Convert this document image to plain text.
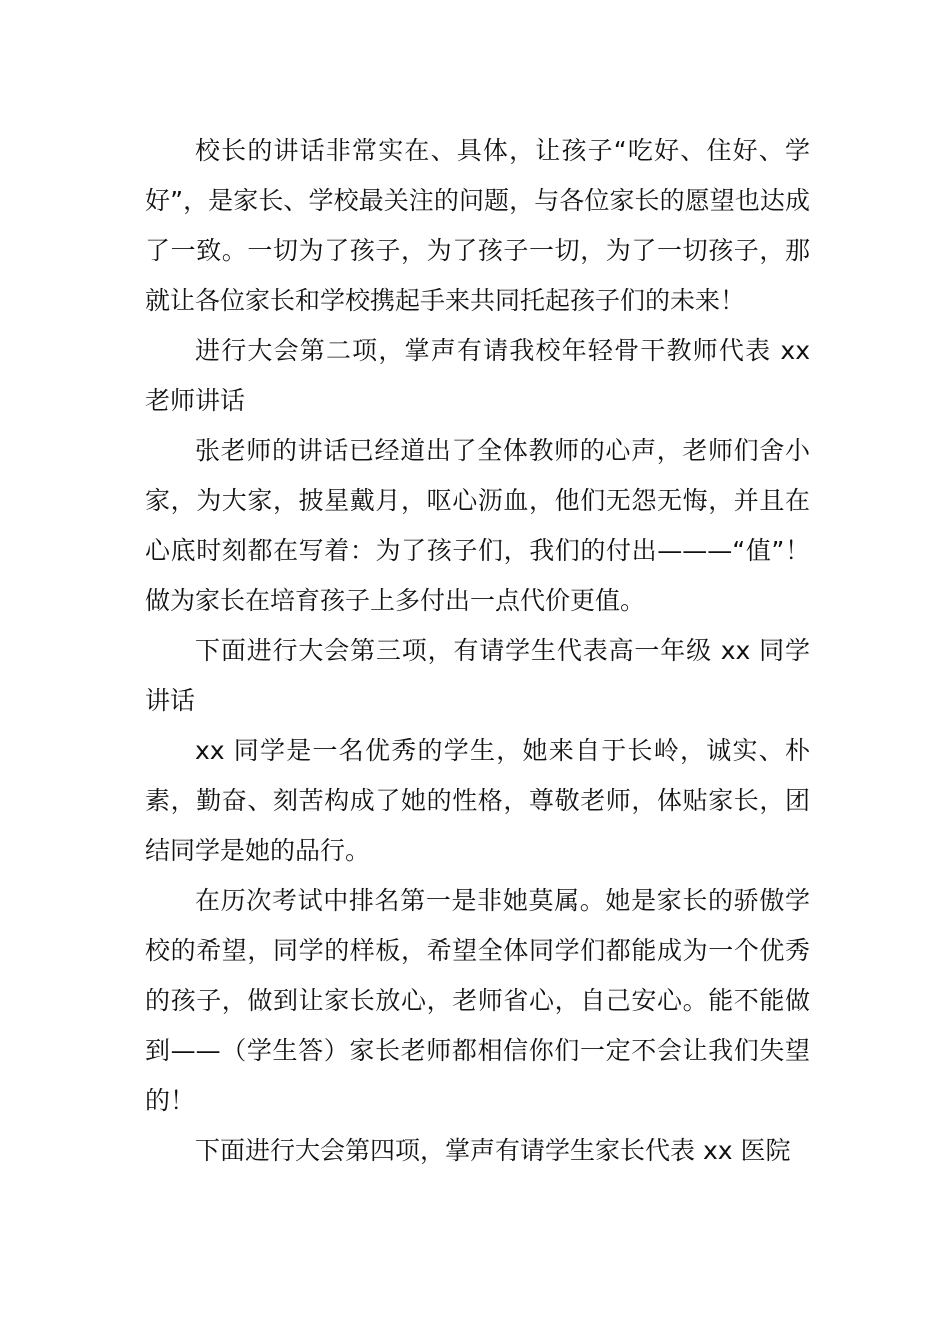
校长的讲话非常实在、具体，让孩子“吃好、住好、学好”，是家长、学校最关注的问题，与各位家长的愿望也达成了一致。一切为了孩子，为了孩子一切，为了一切孩子，那就让各位家长和学校携起手来共同托起孩子们的未来！

进行大会第二项，掌声有请我校年轻骨干教师代表 xx 老师讲话

张老师的讲话已经道出了全体教师的心声，老师们舍小家，为大家，披星戴月，呕心沥血，他们无怨无悔，并且在心底时刻都在写着：为了孩子们，我们的付出———“值”！做为家长在培育孩子上多付出一点代价更值。

下面进行大会第三项，有请学生代表高一年级 xx 同学讲话

xx 同学是一名优秀的学生，她来自于长岭，诚实、朴素，勤奋、刻苦构成了她的性格，尊敬老师，体贴家长，团结同学是她的品行。

在历次考试中排名第一是非她莫属。她是家长的骄傲学校的希望，同学的样板，希望全体同学们都能成为一个优秀的孩子，做到让家长放心，老师省心，自己安心。能不能做到——（学生答）家长老师都相信你们一定不会让我们失望的！

下面进行大会第四项，掌声有请学生家长代表 xx 医院
